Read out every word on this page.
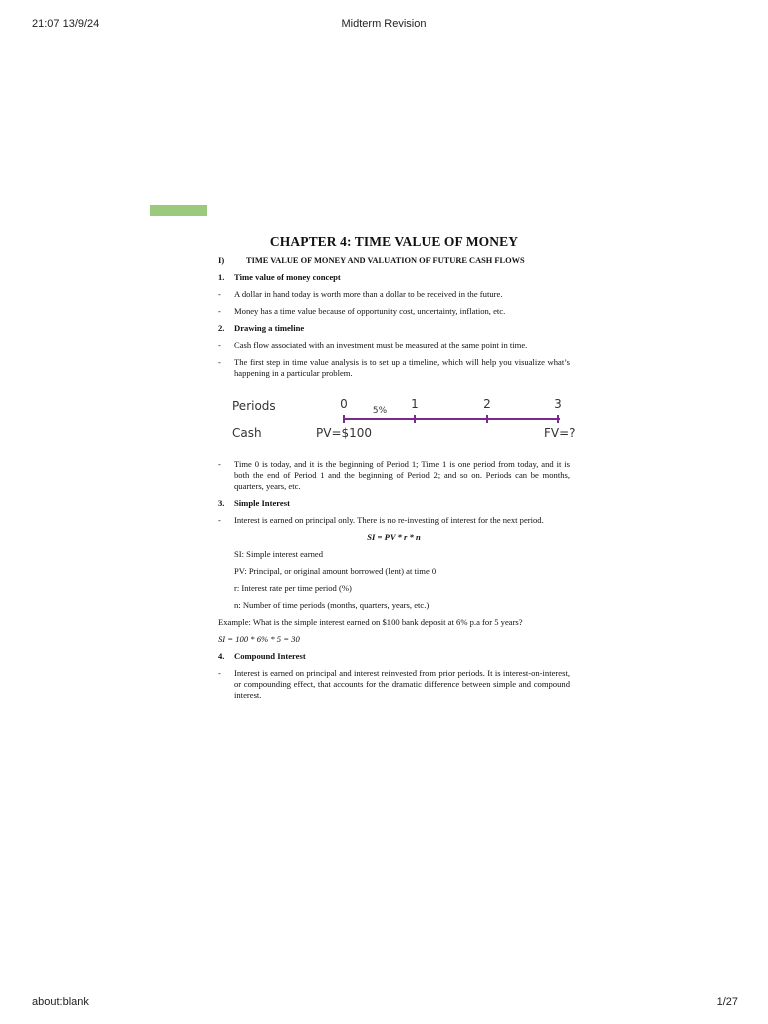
21:07 13/9/24	Midterm Revision
CHAPTER 4: TIME VALUE OF MONEY
I)	TIME VALUE OF MONEY AND VALUATION OF FUTURE CASH FLOWS
1.	Time value of money concept
-	A dollar in hand today is worth more than a dollar to be received in the future.
-	Money has a time value because of opportunity cost, uncertainty, inflation, etc.
2.	Drawing a timeline
-	Cash flow associated with an investment must be measured at the same point in time.
-	The first step in time value analysis is to set up a timeline, which will help you visualize what’s happening in a particular problem.
-	Time 0 is today, and it is the beginning of Period 1; Time 1 is one period from today, and it is both the end of Period 1 and the beginning of Period 2; and so on. Periods can be months, quarters, years, etc.
3.	Simple Interest
-	Interest is earned on principal only. There is no re-investing of interest for the next period.
SI = PV * r * n
SI: Simple interest earned
PV: Principal, or original amount borrowed (lent) at time 0
r: Interest rate per time period (%)
n: Number of time periods (months, quarters, years, etc.)
Example: What is the simple interest earned on $100 bank deposit at 6% p.a for 5 years?
SI = 100 * 6% * 5 = 30
4.	Compound Interest
-	Interest is earned on principal and interest reinvested from prior periods. It is interest-on-interest, or compounding effect, that accounts for the dramatic difference between simple and compound interest.
Periods
Cash
0	1	2	3
5%
PV=$100	FV=?
about:blank	1/27
